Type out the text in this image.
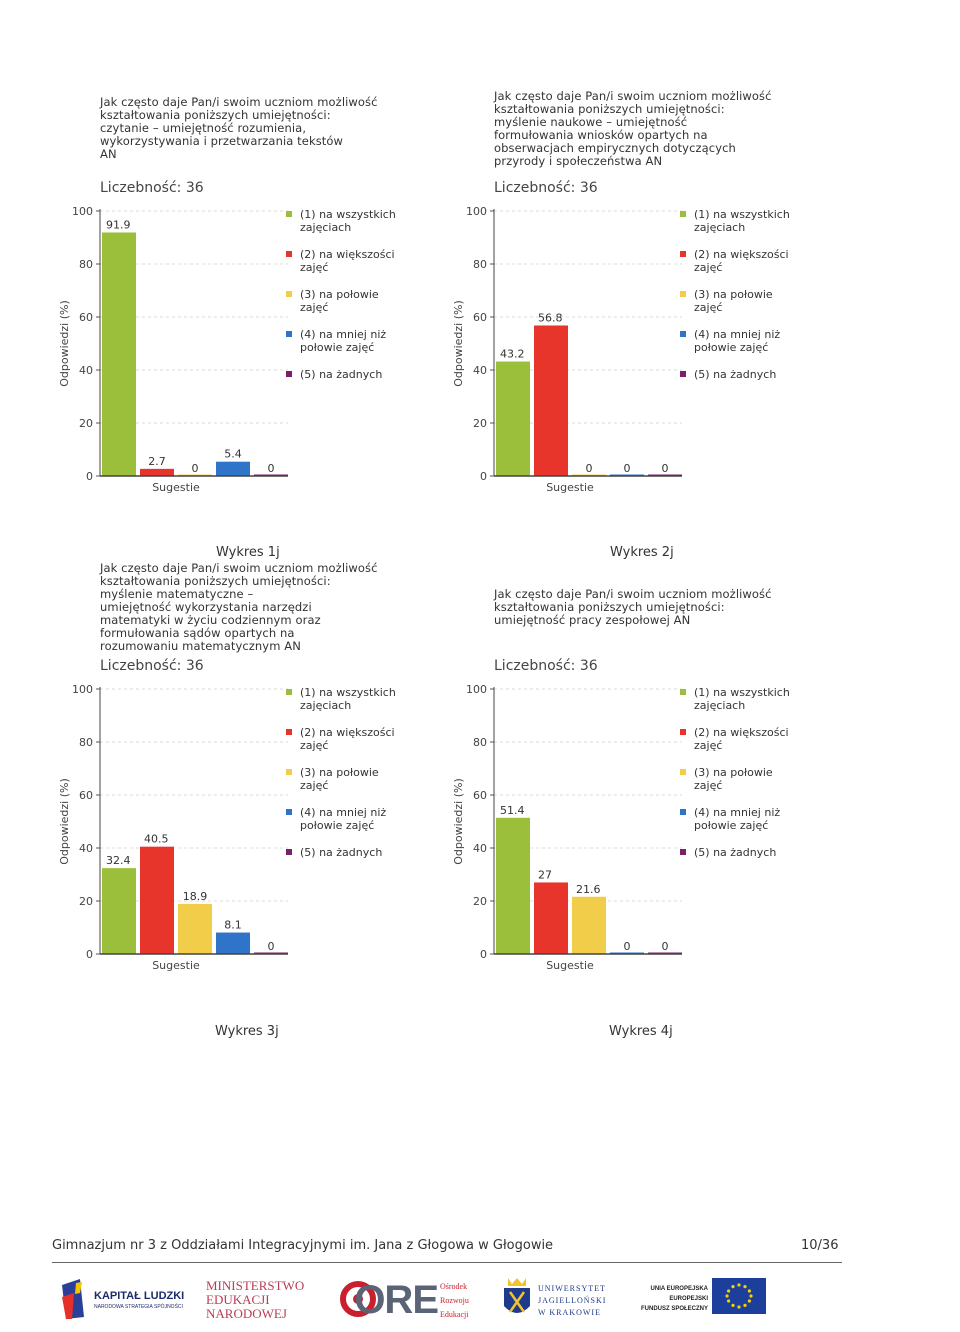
Jak często daje Pan/i swoim uczniom możliwość
kształtowania poniższych umiejętności:
czytanie – umiejętność rozumienia,
wykorzystywania i przetwarzania tekstów
AN
Liczebność: 36
0
20
40
60
80
100
91.9
2.7
0
5.4
0
Sugestie
Odpowiedzi (%)
(1) na wszystkich
zajęciach
(2) na większości
zajęć
(3) na połowie
zajęć
(4) na mniej niż
połowie zajęć
(5) na żadnych
Wykres 1j
Jak często daje Pan/i swoim uczniom możliwość
kształtowania poniższych umiejętności:
myślenie naukowe – umiejętność
formułowania wniosków opartych na
obserwacjach empirycznych dotyczących
przyrody i społeczeństwa AN
Liczebność: 36
0
20
40
60
80
100
43.2
56.8
0	0	0
Sugestie
Odpowiedzi (%)
(1) na wszystkich
zajęciach
(2) na większości
zajęć
(3) na połowie
zajęć
(4) na mniej niż
połowie zajęć
(5) na żadnych
Wykres 2j
Jak często daje Pan/i swoim uczniom możliwość
kształtowania poniższych umiejętności:
myślenie matematyczne –
umiejętność wykorzystania narzędzi
matematyki w życiu codziennym oraz
formułowania sądów opartych na
rozumowaniu matematycznym AN
Liczebność: 36
0
20
40
60
80
100
32.4
40.5
18.9
8.1
0
Sugestie
Odpowiedzi (%)
(1) na wszystkich
zajęciach
(2) na większości
zajęć
(3) na połowie
zajęć
(4) na mniej niż
połowie zajęć
(5) na żadnych
Wykres 3j
Jak często daje Pan/i swoim uczniom możliwość
kształtowania poniższych umiejętności:
umiejętność pracy zespołowej AN
Liczebność: 36
0
20
40
60
80
100
51.4
27
21.6
0	0
Sugestie
Odpowiedzi (%)
(1) na wszystkich
zajęciach
(2) na większości
zajęć
(3) na połowie
zajęć
(4) na mniej niż
połowie zajęć
(5) na żadnych
Wykres 4j
Gimnazjum nr 3 z Oddziałami Integracyjnymi im. Jana z Głogowa w Głogowie	10/36
KAPITAŁ LUDZKI
NARODOWA STRATEGIA SPÓJNOŚCI
MINISTERSTWO
EDUKACJI
NARODOWEJ	ORE Ośrodek
Rozwoju
Edukacji
UNIWERSYTET
JAGIELLOŃSKI
W KRAKOWIE
UNIA EUROPEJSKA
EUROPEJSKI
FUNDUSZ SPOŁECZNY
